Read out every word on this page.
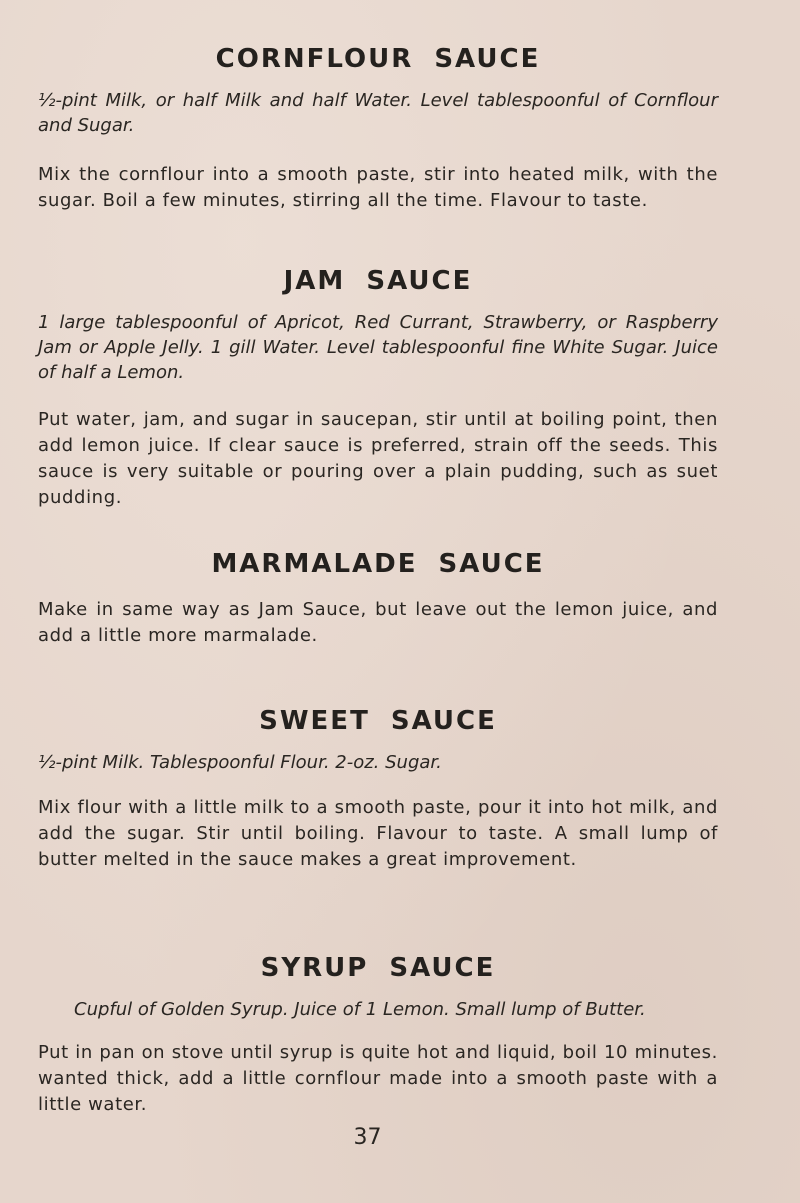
CORNFLOUR SAUCE

½-pint Milk, or half Milk and half Water. Level tablespoonful of Cornflour and Sugar.

Mix the cornflour into a smooth paste, stir into heated milk, with the sugar. Boil a few minutes, stirring all the time. Flavour to taste.

JAM SAUCE

1 large tablespoonful of Apricot, Red Currant, Strawberry, or Raspberry Jam or Apple Jelly. 1 gill Water. Level tablespoonful fine White Sugar. Juice of half a Lemon.

Put water, jam, and sugar in saucepan, stir until at boiling point, then add lemon juice. If clear sauce is preferred, strain off the seeds. This sauce is very suitable or pouring over a plain pudding, such as suet pudding.

MARMALADE SAUCE

Make in same way as Jam Sauce, but leave out the lemon juice, and add a little more marmalade.

SWEET SAUCE

½-pint Milk. Tablespoonful Flour. 2-oz. Sugar.

Mix flour with a little milk to a smooth paste, pour it into hot milk, and add the sugar. Stir until boiling. Flavour to taste. A small lump of butter melted in the sauce makes a great improvement.

SYRUP SAUCE

Cupful of Golden Syrup. Juice of 1 Lemon. Small lump of Butter.

Put in pan on stove until syrup is quite hot and liquid, boil 10 minutes. wanted thick, add a little cornflour made into a smooth paste with a little water.

37
